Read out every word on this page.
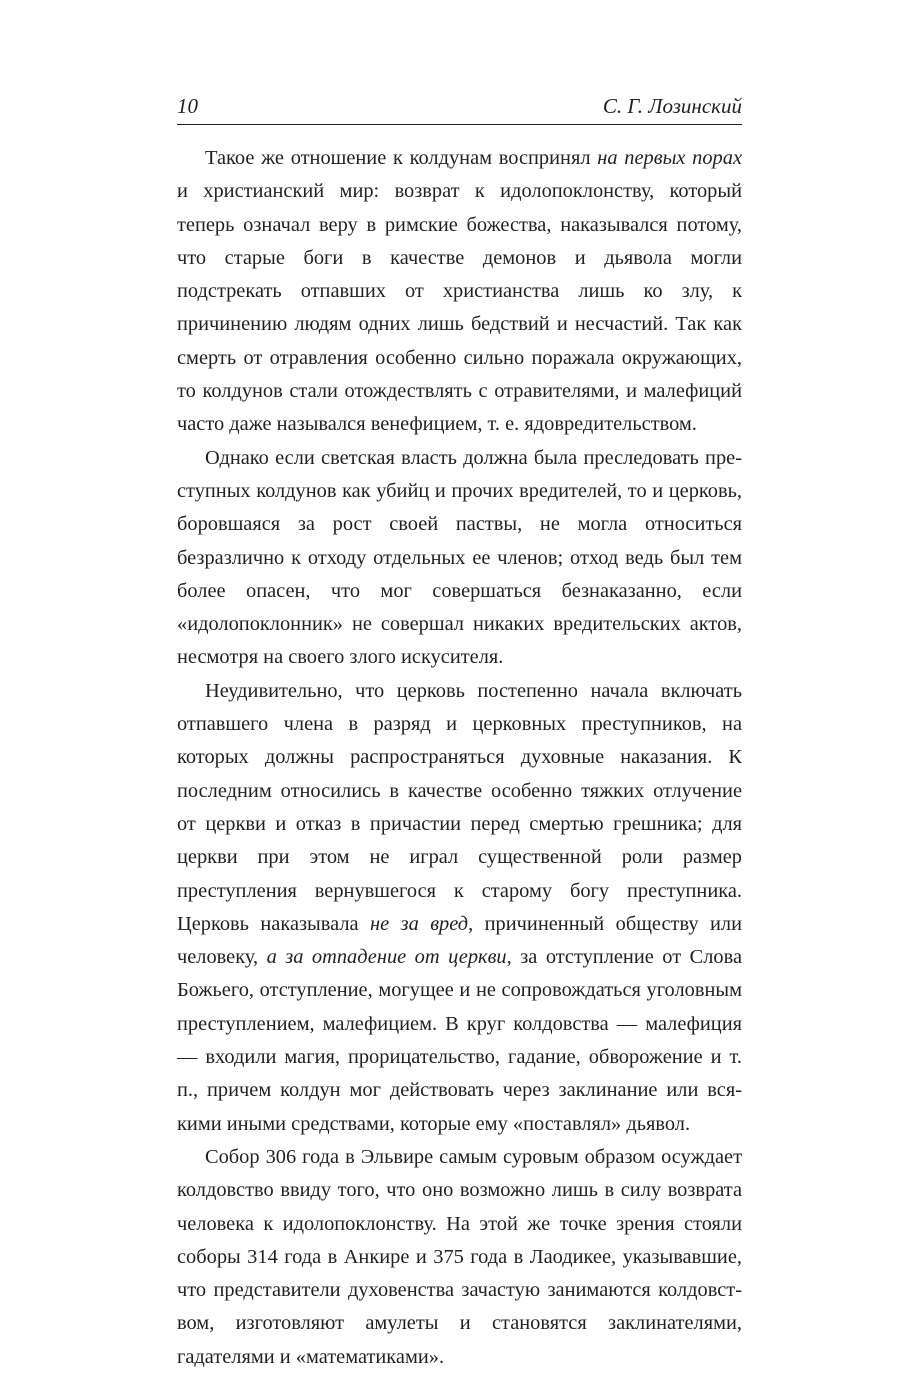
10	С. Г. Лозинский

Такое же отношение к колдунам воспринял на первых порах и христианский мир: возврат к идолопоклонству, который теперь означал веру в римские божества, наказывался потому, что старые боги в качестве демонов и дьявола могли подстрекать отпавших от христианства лишь ко злу, к причинению людям одних лишь бедствий и несчастий. Так как смерть от отравления особенно сильно поражала окружающих, то колдунов стали отождествлять с отравителями, и малефиций часто даже назывался венефицием, т. е. ядовредительством.

Однако если светская власть должна была преследовать преступных колдунов как убийц и прочих вредителей, то и церковь, боровшаяся за рост своей паствы, не могла относиться безразлично к отходу отдельных ее членов; отход ведь был тем более опасен, что мог совершаться безнаказанно, если «идолопоклонник» не совершал никаких вредительских актов, несмотря на своего злого искусителя.

Неудивительно, что церковь постепенно начала включать отпавшего члена в разряд и церковных преступников, на которых должны распространяться духовные наказания. К последним относились в качестве особенно тяжких отлучение от церкви и отказ в причастии перед смертью грешника; для церкви при этом не играл существенной роли размер преступления вернувшегося к старому богу преступника. Церковь наказывала не за вред, причиненный обществу или человеку, а за отпадение от церкви, за отступление от Слова Божьего, отступление, могущее и не сопровождаться уголовным преступлением, малефицием. В круг колдовства — малефиция — входили магия, прорицательство, гадание, обворожение и т. п., причем колдун мог действовать через заклинание или всякими иными средствами, которые ему «поставлял» дьявол.

Собор 306 года в Эльвире самым суровым образом осуждает колдовство ввиду того, что оно возможно лишь в силу возврата человека к идолопоклонству. На этой же точке зрения стояли соборы 314 года в Анкире и 375 года в Лаодикее, указывавшие, что представители духовенства зачастую занимаются колдовством, изготовляют амулеты и становятся заклинателями, гадателями и «математиками».
